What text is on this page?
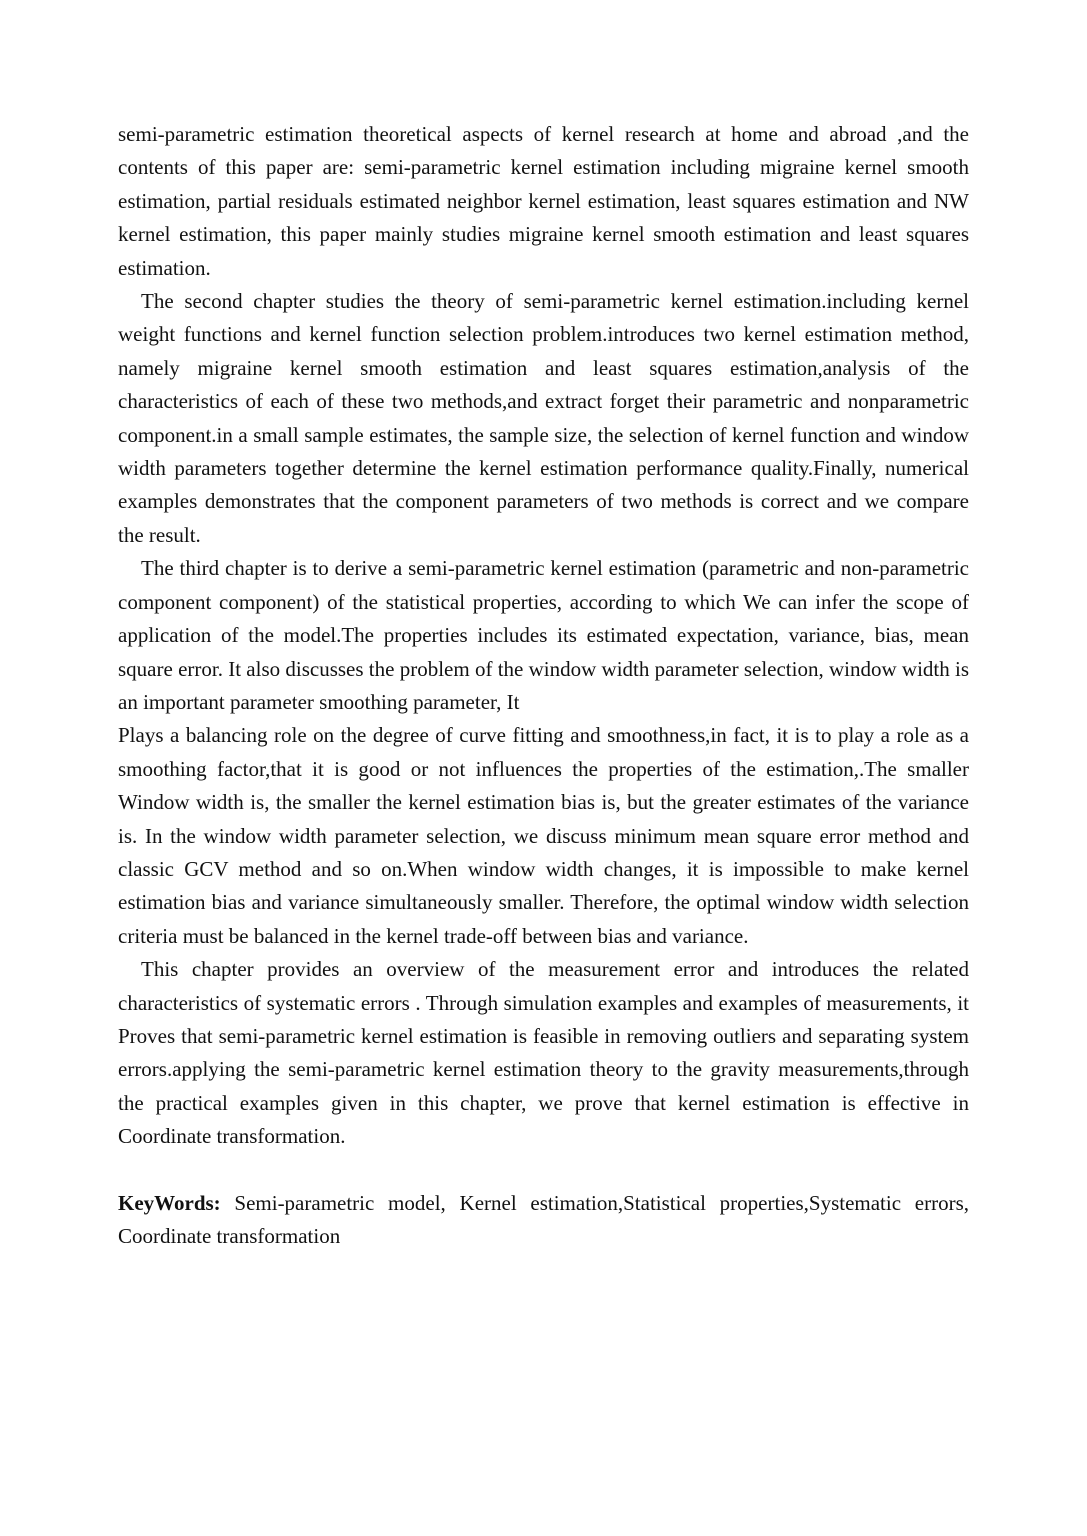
semi-parametric estimation theoretical aspects of kernel research at home and abroad ,and the contents of this paper are: semi-parametric kernel estimation including migraine kernel smooth estimation, partial residuals estimated neighbor kernel estimation, least squares estimation and NW kernel estimation, this paper mainly studies migraine kernel smooth estimation and least squares estimation.

The second chapter studies the theory of semi-parametric kernel estimation.including kernel weight functions and kernel function selection problem.introduces two kernel estimation method, namely migraine kernel smooth estimation and least squares estimation,analysis of the characteristics of each of these two methods,and extract forget their parametric and nonparametric component.in a small sample estimates, the sample size, the selection of kernel function and window width parameters together determine the kernel estimation performance quality.Finally, numerical examples demonstrates that the component parameters of two methods is correct and we compare the result.

The third chapter is to derive a semi-parametric kernel estimation (parametric and non-parametric component component) of the statistical properties, according to which We can infer the scope of application of the model.The properties includes its estimated expectation, variance, bias, mean square error. It also discusses the problem of the window width parameter selection, window width is an important parameter smoothing parameter, It

Plays a balancing role on the degree of curve fitting and smoothness,in fact, it is to play a role as a smoothing factor,that it is good or not influences the properties of the estimation,.The smaller Window width is, the smaller the kernel estimation bias is, but the greater estimates of the variance is. In the window width parameter selection, we discuss minimum mean square error method and classic GCV method and so on.When window width changes, it is impossible to make kernel estimation bias and variance simultaneously smaller. Therefore, the optimal window width selection criteria must be balanced in the kernel trade-off between bias and variance.

This chapter provides an overview of the measurement error and introduces the related characteristics of systematic errors . Through simulation examples and examples of measurements, it Proves that semi-parametric kernel estimation is feasible in removing outliers and separating system errors.applying the semi-parametric kernel estimation theory to the gravity measurements,through the practical examples given in this chapter, we prove that kernel estimation is effective in Coordinate transformation.

KeyWords: Semi-parametric model, Kernel estimation,Statistical properties,Systematic errors, Coordinate transformation
